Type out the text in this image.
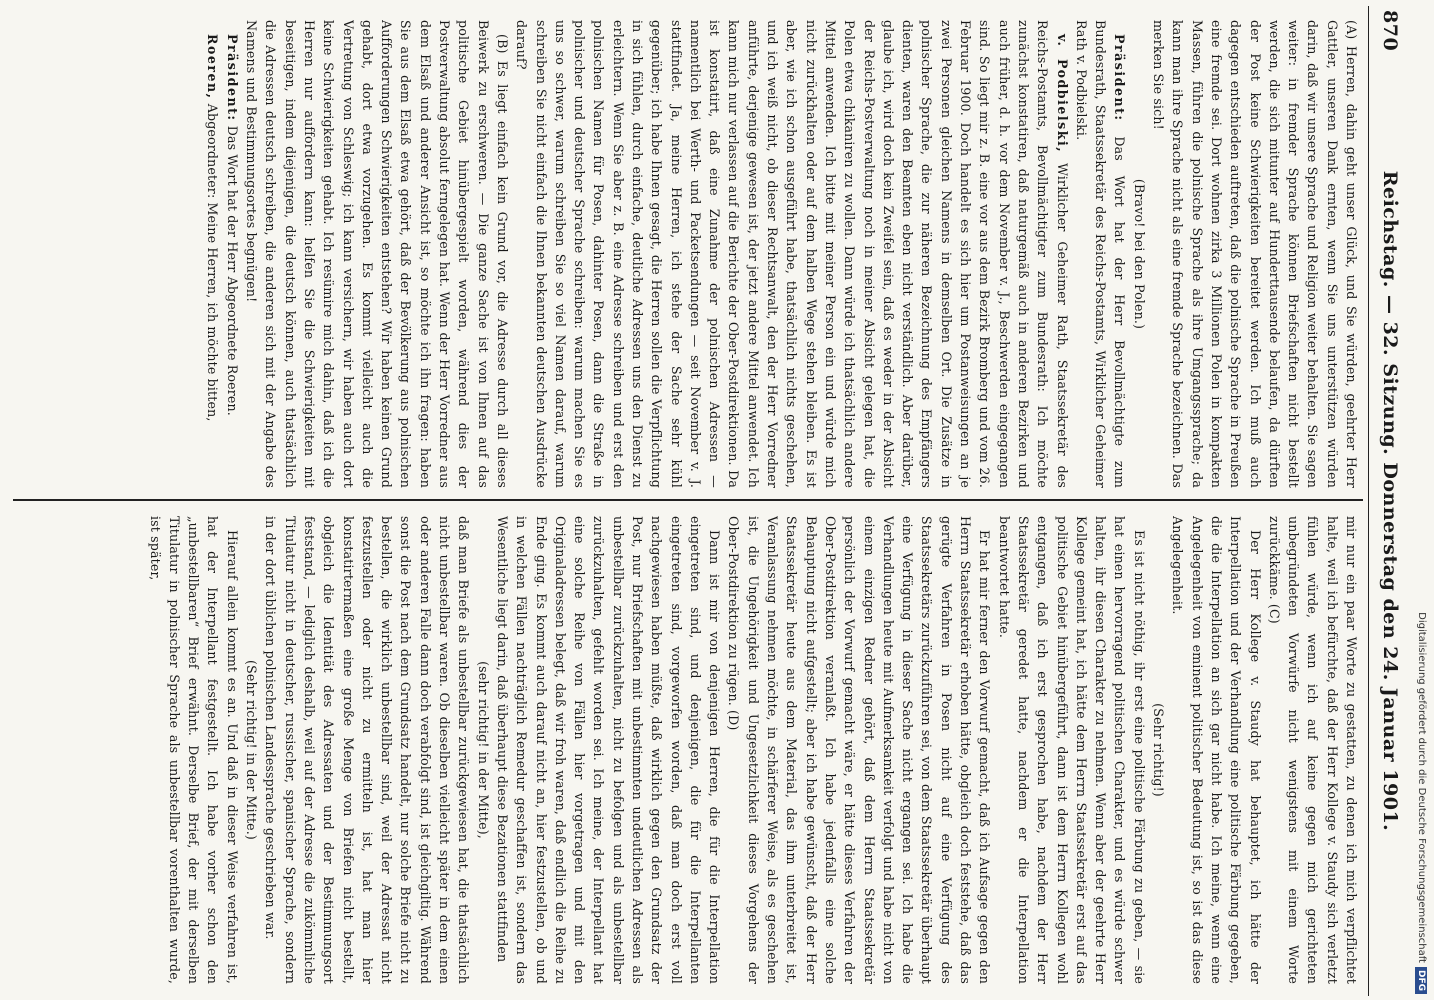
870
Reichstag. — 32. Sitzung. Donnerstag den 24. Januar 1901.

(A) Herren, dahin geht unser Glück, und Sie würden, geehrter Herr Gattler, unseren Dank ernten, wenn Sie uns unterstützen würden darin, daß wir unsere Sprache und Religion weiter behalten. Sie sagen weiter: in fremder Sprache können Briefschaften nicht bestellt werden, die sich mitunter auf Hunderttausende belaufen, da dürften der Post keine Schwierigkeiten bereitet werden. Ich muß auch dagegen entschieden auftreten, daß die polnische Sprache in Preußen eine fremde sei. Dort wohnen zirka 3 Millionen Polen in kompakten Massen, führen die polnische Sprache als ihre Umgangssprache; da kann man ihre Sprache nicht als eine fremde Sprache bezeichnen. Das merken Sie sich!

(Bravo! bei den Polen.)

Präsident: Das Wort hat der Herr Bevollmächtigte zum Bundesrath, Staatssekretär des Reichs-Postamts, Wirklicher Geheimer Rath v. Podbielski.

v. Podbielski, Wirklicher Geheimer Rath, Staatssekretär des Reichs-Postamts, Bevollmächtigter zum Bundesrath: Ich möchte zunächst konstatiren, daß naturgemäß auch in anderen Bezirken und auch früher, d. h. vor dem November v. J., Beschwerden eingegangen sind. So liegt mir z. B. eine vor aus dem Bezirk Bromberg und vom 26. Februar 1900. Doch handelt es sich hier um Postanweisungen an je zwei Personen gleichen Namens in demselben Ort. Die Zusätze in polnischer Sprache, die zur näheren Bezeichnung des Empfängers dienten, waren den Beamten eben nicht verständlich. Aber darüber, glaube ich, wird doch kein Zweifel sein, daß es weder in der Absicht der Reichs-Postverwaltung noch in meiner Absicht gelegen hat, die Polen etwa chikaniren zu wollen. Dann würde ich thatsächlich andere Mittel anwenden. Ich bitte mit meiner Person ein und würde mich nicht zurückhalten oder auf dem halben Wege stehen bleiben. Es ist aber, wie ich schon ausgeführt habe, thatsächlich nichts geschehen, und ich weiß nicht, ob dieser Rechtsanwalt, den der Herr Vorredner anführte, derjenige gewesen ist, der jetzt andere Mittel anwendet. Ich kann mich nur verlassen auf die Berichte der Ober-Postdirektionen. Da ist konstatirt, daß eine Zunahme der polnischen Adressen — namentlich bei Werth- und Packetsendungen — seit November v. J. stattfindet. Ja, meine Herren, ich stehe der Sache sehr kühl gegenüber; ich habe Ihnen gesagt, die Herren sollen die Verpflichtung in sich fühlen, durch einfache, deutliche Adressen uns den Dienst zu erleichtern. Wenn Sie aber z. B. eine Adresse schreiben und erst den polnischen Namen für Posen, dahinter Posen, dann die Straße in polnischer und deutscher Sprache schreiben: warum machen Sie es uns so schwer, warum schreiben Sie so viel Namen darauf, warum schreiben Sie nicht einfach die Ihnen bekannten deutschen Ausdrücke darauf?

(B) Es liegt einfach kein Grund vor, die Adresse durch all dieses Beiwerk zu erschweren. — Die ganze Sache ist von Ihnen auf das politische Gebiet hinübergespielt worden, während dies der Postverwaltung absolut ferngelegen hat. Wenn der Herr Vorredner aus dem Elsaß und anderer Ansicht ist, so möchte ich ihn fragen: haben Sie aus dem Elsaß etwa gehört, daß der Bevölkerung aus polnischen Aufforderungen Schwierigkeiten entstehen? Wir haben keinen Grund gehabt, dort etwa vorzugehen. Es kommt vielleicht auch die Vertretung von Schleswig; ich kann versichern, wir haben auch dort keine Schwierigkeiten gehabt. Ich resümire mich dahin, daß ich die Herren nur auffordern kann: helfen Sie die Schwierigkeiten mit beseitigen, indem diejenigen, die deutsch können, auch thatsächlich die Adressen deutsch schreiben, die anderen sich mit der Angabe des Namens und Bestimmungsortes begnügen!

Präsident: Das Wort hat der Herr Abgeordnete Roeren.

Roeren, Abgeordneter: Meine Herren, ich möchte bitten,

mir nur ein paar Worte zu gestatten, zu denen ich mich verpflichtet halte, weil ich befürchte, daß der Herr Kollege v. Staudy sich verletzt fühlen würde, wenn ich auf keine gegen mich gerichteten unbegründeten Vorwürfe nicht wenigstens mit einem Worte zurückkäme. (C)

Der Herr Kollege v. Staudy hat behauptet, ich hätte der Interpellation und der Verhandlung eine politische Färbung gegeben, die die Interpellation an sich gar nicht habe. Ich meine, wenn eine Angelegenheit von eminent politischer Bedeutung ist, so ist das diese Angelegenheit.

(Sehr richtig!)

Es ist nicht nöthig, ihr erst eine politische Färbung zu geben, — sie hat einen hervorragend politischen Charakter, und es würde schwer halten, ihr diesen Charakter zu nehmen. Wenn aber der geehrte Herr Kollege gemeint hat, ich hätte dem Herrn Staatssekretär erst auf das politische Gebiet hinübergeführt, dann ist dem Herrn Kollegen wohl entgangen, daß ich erst gesprochen habe, nachdem der Herr Staatssekretär geredet hatte, nachdem er die Interpellation beantwortet hatte.

Er hat mir ferner den Vorwurf gemacht, daß ich Aufsage gegen den Herrn Staatssekretär erhoben hätte, obgleich doch feststehe, daß das gerügte Verfahren in Posen nicht auf eine Verfügung des Staatssekretärs zurückzuführen sei, von dem Staatssekretär überhaupt eine Verfügung in dieser Sache nicht ergangen sei. Ich habe die Verhandlungen heute mit Aufmerksamkeit verfolgt und habe nicht von einem einzigen Redner gehört, daß dem Herrn Staatssekretär persönlich der Vorwurf gemacht wäre, er hätte dieses Verfahren der Ober-Postdirektion veranlaßt. Ich habe jedenfalls eine solche Behauptung nicht aufgestellt; aber ich habe gewünscht, daß der Herr Staatssekretär heute aus dem Material, das ihm unterbreitet ist, Veranlassung nehmen möchte, in schärferer Weise, als es geschehen ist, die Ungehörigkeit und Ungesetzlichkeit dieses Vorgehens der Ober-Postdirektion zu rügen. (D)

Dann ist mir von denjenigen Herren, die für die Interpellation eingetreten sind, und denjenigen, die für die Interpellanten eingetreten sind, vorgeworfen worden, daß man doch erst voll nachgewiesen haben müßte, daß wirklich gegen den Grundsatz der Post, nur Briefschaften mit unbestimmten undeutlichen Adressen als unbestellbar zurückzuhalten, nicht zu befolgen und als unbestellbar zurückzuhalten, gefehlt worden sei. Ich meine, der Interpellant hat eine solche Reihe von Fällen hier vorgetragen und mit den Originaladressen belegt, daß wir froh waren, daß endlich die Reihe zu Ende ging. Es kommt auch darauf nicht an, hier festzustellen, ob und in welchen Fällen nachträglich Remedur geschaffen ist, sondern das Wesentliche liegt darin, daß überhaupt diese Bezationen stattfinden

(sehr richtig! in der Mitte),

daß man Briefe als unbestellbar zurückgewiesen hat, die thatsächlich nicht unbestellbar waren. Ob dieselben vielleicht später in dem einen oder anderen Falle dann doch verabfolgt sind, ist gleichgiltig. Während sonst die Post nach dem Grundsatz handelt, nur solche Briefe nicht zu bestellen, die wirklich unbestellbar sind, weil der Adressat nicht festzustellen oder nicht zu ermitteln ist, hat man hier konstatirtermaßen eine große Menge von Briefen nicht bestellt, obgleich die Identität des Adressaten und der Bestimmungsort feststand, — lediglich deshalb, weil auf der Adresse die zukömmliche Titulatur nicht in deutscher, russischer, spanischer Sprache, sondern in der dort üblichen polnischen Landessprache geschrieben war.

(Sehr richtig! in der Mitte.)

Hierauf allein kommt es an. Und daß in dieser Weise verfahren ist, hat der Interpellant festgestellt. Ich habe vorher schon den „unbestellbaren“ Brief erwähnt. Derselbe Brief, der mit derselben Titulatur in polnischer Sprache als unbestellbar vorenthalten wurde, ist später,

Digitalisierung gefördert durch die Deutsche ForschungsgemeinschaftDFG
